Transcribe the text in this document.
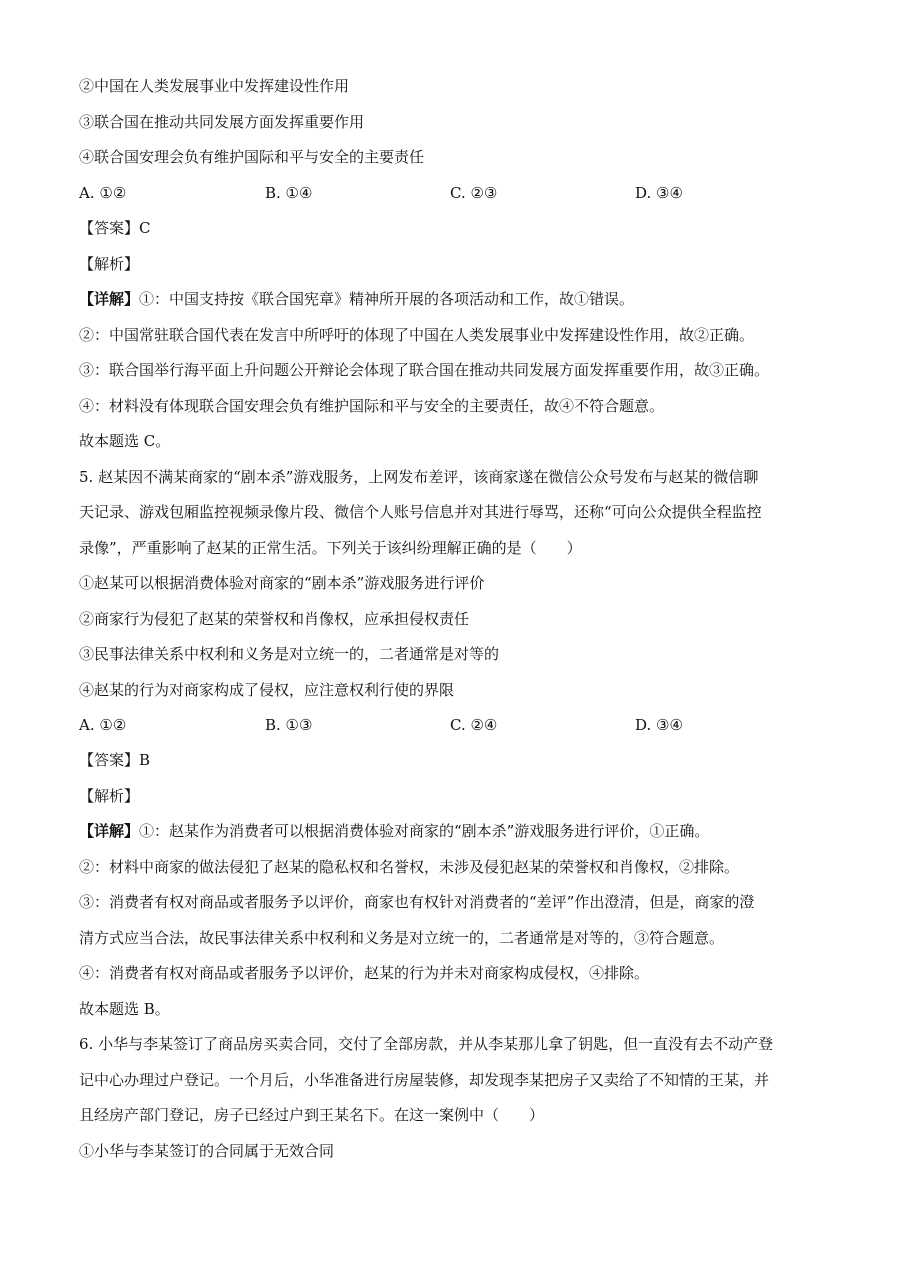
②中国在人类发展事业中发挥建设性作用
③联合国在推动共同发展方面发挥重要作用
④联合国安理会负有维护国际和平与安全的主要责任
A. ①②	B. ①④	C. ②③	D. ③④
【答案】C
【解析】
【详解】①：中国支持按《联合国宪章》精神所开展的各项活动和工作，故①错误。
②：中国常驻联合国代表在发言中所呼吁的体现了中国在人类发展事业中发挥建设性作用，故②正确。
③：联合国举行海平面上升问题公开辩论会体现了联合国在推动共同发展方面发挥重要作用，故③正确。
④：材料没有体现联合国安理会负有维护国际和平与安全的主要责任，故④不符合题意。
故本题选 C。
5. 赵某因不满某商家的“剧本杀”游戏服务，上网发布差评，该商家遂在微信公众号发布与赵某的微信聊
天记录、游戏包厢监控视频录像片段、微信个人账号信息并对其进行辱骂，还称“可向公众提供全程监控
录像”，严重影响了赵某的正常生活。下列关于该纠纷理解正确的是（　　）
①赵某可以根据消费体验对商家的“剧本杀”游戏服务进行评价
②商家行为侵犯了赵某的荣誉权和肖像权，应承担侵权责任
③民事法律关系中权利和义务是对立统一的，二者通常是对等的
④赵某的行为对商家构成了侵权，应注意权利行使的界限
A. ①②	B. ①③	C. ②④	D. ③④
【答案】B
【解析】
【详解】①：赵某作为消费者可以根据消费体验对商家的“剧本杀”游戏服务进行评价，①正确。
②：材料中商家的做法侵犯了赵某的隐私权和名誉权，未涉及侵犯赵某的荣誉权和肖像权，②排除。
③：消费者有权对商品或者服务予以评价，商家也有权针对消费者的“差评”作出澄清，但是，商家的澄
清方式应当合法，故民事法律关系中权利和义务是对立统一的，二者通常是对等的，③符合题意。
④：消费者有权对商品或者服务予以评价，赵某的行为并未对商家构成侵权，④排除。
故本题选 B。
6. 小华与李某签订了商品房买卖合同，交付了全部房款，并从李某那儿拿了钥匙，但一直没有去不动产登
记中心办理过户登记。一个月后，小华准备进行房屋装修，却发现李某把房子又卖给了不知情的王某，并
且经房产部门登记，房子已经过户到王某名下。在这一案例中（　　）
①小华与李某签订的合同属于无效合同
